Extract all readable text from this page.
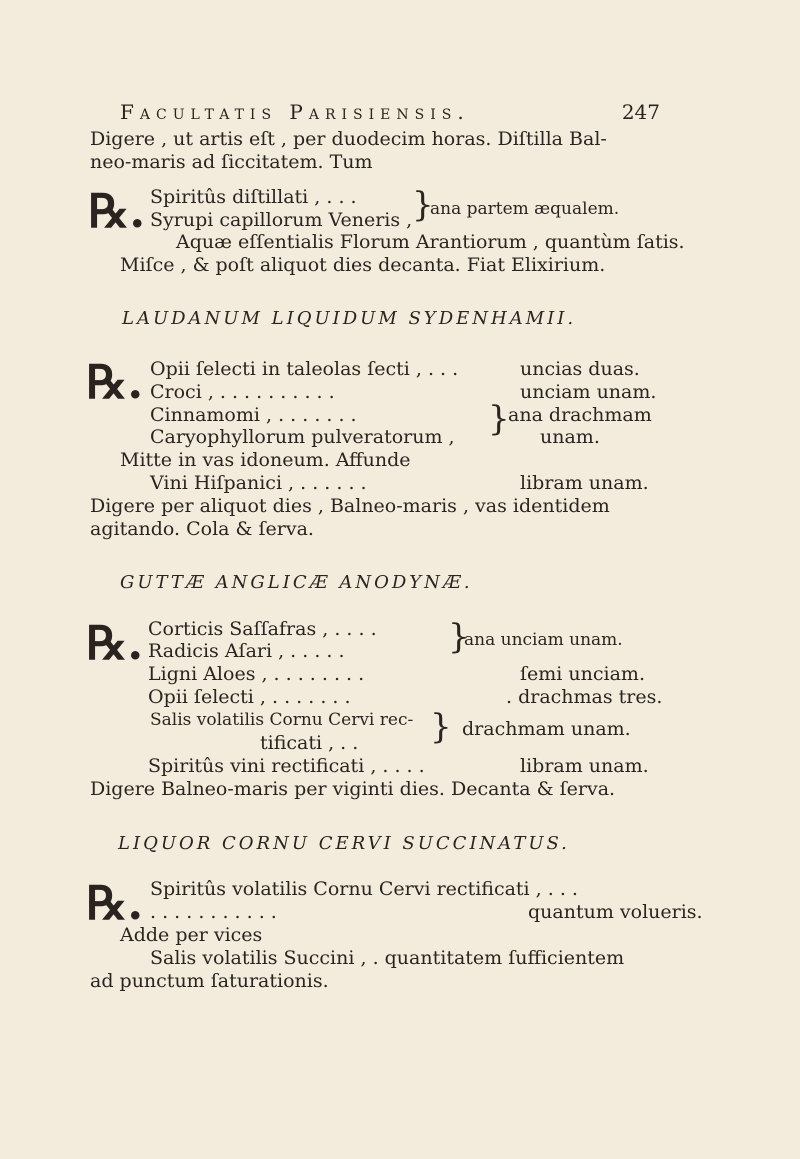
Facultatis Parisiensis.	247
Digere , ut artis eſt , per duodecim horas. Diſtilla Bal-
neo-maris ad ſiccitatem. Tum
℞. Spiritûs diſtillati , . . .
Syrupi capillorum Veneris , }
ana partem æqualem.
Aquæ eſſentialis Florum Arantiorum , quantùm ſatis.
Miſce , & poſt aliquot dies decanta. Fiat Elixirium.
LAUDANUM LIQUIDUM SYDENHAMII.
℞. Opii ſelecti in taleolas ſecti , . . .	uncias duas.
Croci , . . . . . . . . . .	unciam unam.
Cinnamomi , . . . . . . .	}
ana drachmam
Caryophyllorum pulveratorum ,	unam.
Mitte in vas idoneum. Affunde
Vini Hiſpanici , . . . . . .	libram unam.
Digere per aliquot dies , Balneo-maris , vas identidem
agitando. Cola & ſerva.
GUTTÆ ANGLICÆ ANODYNÆ.
℞. Corticis Saſſafras , . . . .
Radicis Aſari , . . . . .	}
ana unciam unam.
Ligni Aloes , . . . . . . . .	ſemi unciam.
Opii ſelecti , . . . . . . .	. drachmas tres.
Salis volatilis Cornu Cervi rec- } drachmam unam.
tificati , . .
Spiritûs vini rectificati , . . . .	libram unam.
Digere Balneo-maris per viginti dies. Decanta & ſerva.
LIQUOR CORNU CERVI SUCCINATUS.
℞. Spiritûs volatilis Cornu Cervi rectificati , . . .
. . . . . . . . . . .	quantum volueris.
Adde per vices
Salis volatilis Succini , . quantitatem ſufficientem
ad punctum ſaturationis.
